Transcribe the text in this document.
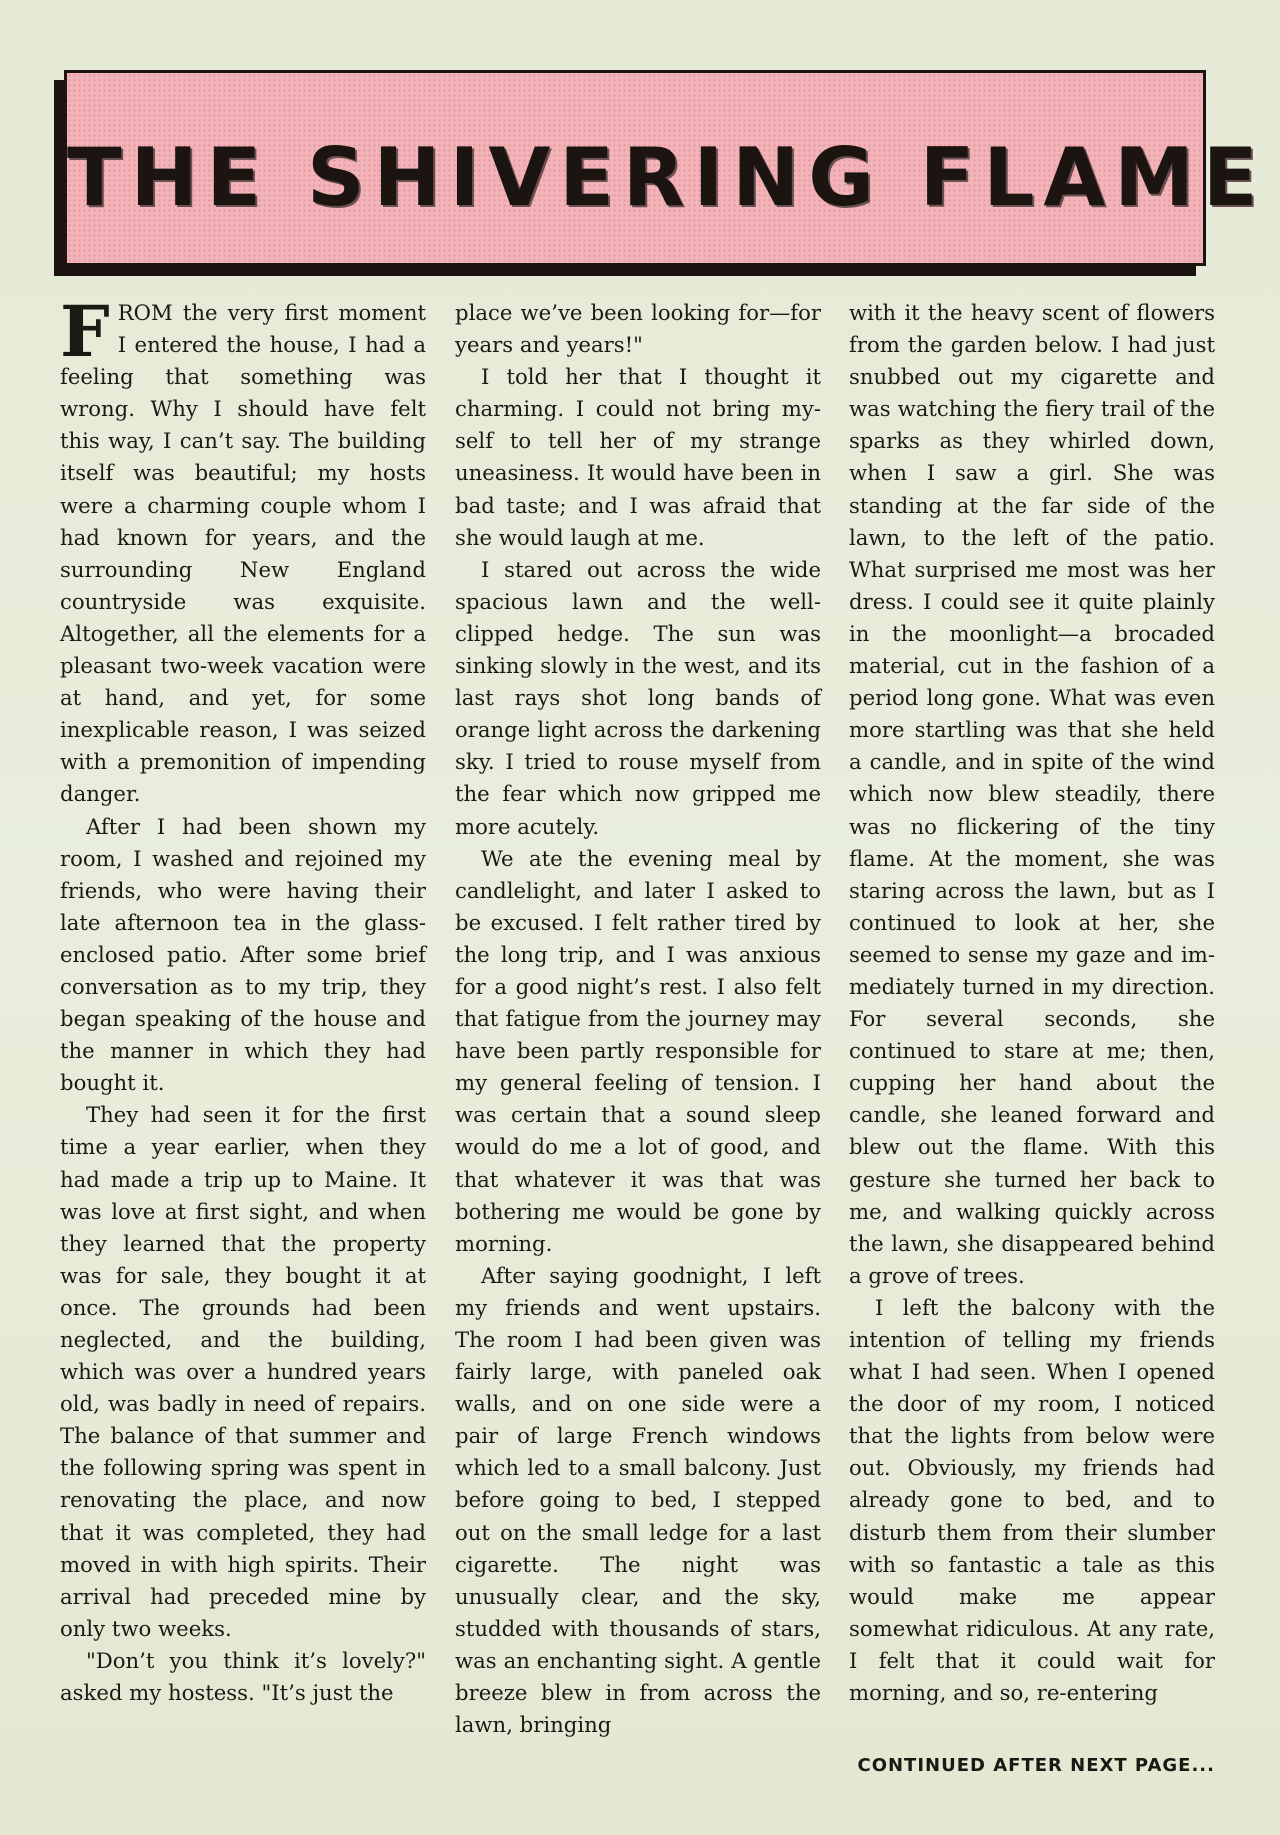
THE SHIVERING FLAME

FROM the very first moment I entered the house, I had a feeling that something was wrong. Why I should have felt this way, I can’t say. The building itself was beautiful; my hosts were a charming couple whom I had known for years, and the surrounding New England countryside was exquisite. Altogether, all the elements for a pleasant two-week vacation were at hand, and yet, for some inexplicable reason, I was seized with a premonition of impending danger.

After I had been shown my room, I washed and rejoined my friends, who were having their late afternoon tea in the glass-enclosed patio. After some brief conversation as to my trip, they began speaking of the house and the manner in which they had bought it.

They had seen it for the first time a year earlier, when they had made a trip up to Maine. It was love at first sight, and when they learned that the property was for sale, they bought it at once. The grounds had been neglected, and the building, which was over a hundred years old, was badly in need of repairs. The balance of that summer and the following spring was spent in renovating the place, and now that it was completed, they had moved in with high spirits. Their arrival had preceded mine by only two weeks.

"Don’t you think it’s lovely?" asked my hostess. "It’s just the

place we’ve been looking for—for years and years!"

I told her that I thought it charming. I could not bring myself to tell her of my strange uneasiness. It would have been in bad taste; and I was afraid that she would laugh at me.

I stared out across the wide spacious lawn and the well-clipped hedge. The sun was sinking slowly in the west, and its last rays shot long bands of orange light across the darkening sky. I tried to rouse myself from the fear which now gripped me more acutely.

We ate the evening meal by candlelight, and later I asked to be excused. I felt rather tired by the long trip, and I was anxious for a good night’s rest. I also felt that fatigue from the journey may have been partly responsible for my general feeling of tension. I was certain that a sound sleep would do me a lot of good, and that whatever it was that was bothering me would be gone by morning.

After saying goodnight, I left my friends and went upstairs. The room I had been given was fairly large, with paneled oak walls, and on one side were a pair of large French windows which led to a small balcony. Just before going to bed, I stepped out on the small ledge for a last cigarette. The night was unusually clear, and the sky, studded with thousands of stars, was an enchanting sight. A gentle breeze blew in from across the lawn, bringing

with it the heavy scent of flowers from the garden below. I had just snubbed out my cigarette and was watching the fiery trail of the sparks as they whirled down, when I saw a girl. She was standing at the far side of the lawn, to the left of the patio. What surprised me most was her dress. I could see it quite plainly in the moonlight—a brocaded material, cut in the fashion of a period long gone. What was even more startling was that she held a candle, and in spite of the wind which now blew steadily, there was no flickering of the tiny flame. At the moment, she was staring across the lawn, but as I continued to look at her, she seemed to sense my gaze and immediately turned in my direction. For several seconds, she continued to stare at me; then, cupping her hand about the candle, she leaned forward and blew out the flame. With this gesture she turned her back to me, and walking quickly across the lawn, she disappeared behind a grove of trees.

I left the balcony with the intention of telling my friends what I had seen. When I opened the door of my room, I noticed that the lights from below were out. Obviously, my friends had already gone to bed, and to disturb them from their slumber with so fantastic a tale as this would make me appear somewhat ridiculous. At any rate, I felt that it could wait for morning, and so, re-entering

CONTINUED AFTER NEXT PAGE...
